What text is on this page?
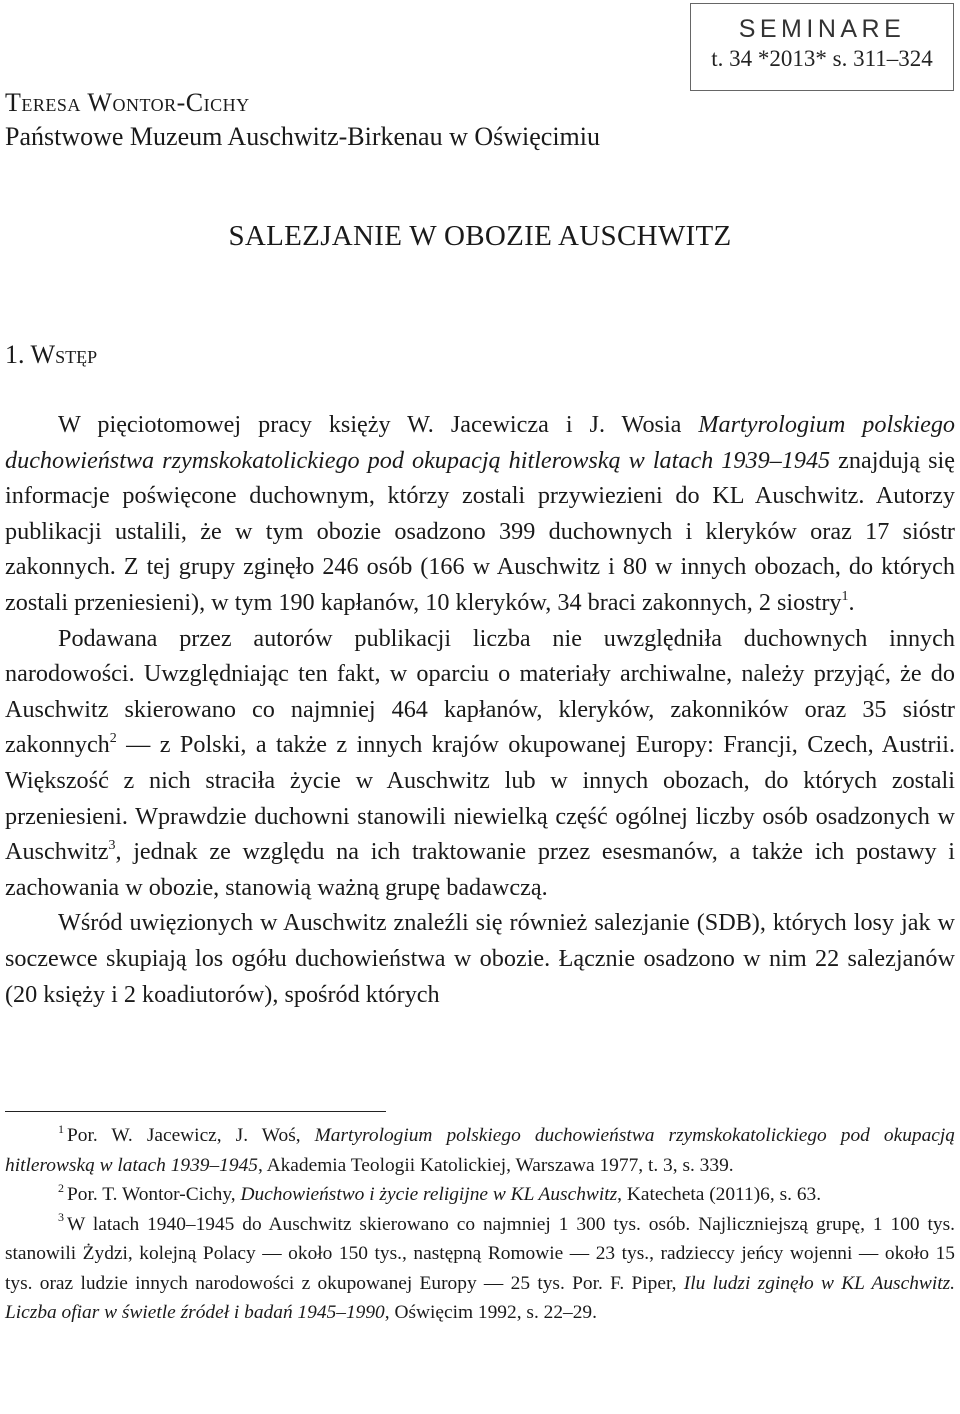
SEMINARE
t. 34 *2013* s. 311–324
Teresa Wontor-Cichy
Państwowe Muzeum Auschwitz-Birkenau w Oświęcimiu
SALEZJANIE W OBOZIE AUSCHWITZ
1. Wstęp

W pięciotomowej pracy księży W. Jacewicza i J. Wosia Martyrologium polskiego duchowieństwa rzymskokatolickiego pod okupacją hitlerowską w latach 1939–1945 znajdują się informacje poświęcone duchownym, którzy zostali przywiezieni do KL Auschwitz. Autorzy publikacji ustalili, że w tym obozie osadzono 399 duchownych i kleryków oraz 17 sióstr zakonnych. Z tej grupy zginęło 246 osób (166 w Auschwitz i 80 w innych obozach, do których zostali przeniesieni), w tym 190 kapłanów, 10 kleryków, 34 braci zakonnych, 2 siostry$^1$.

Podawana przez autorów publikacji liczba nie uwzględniła duchownych innych narodowości. Uwzględniając ten fakt, w oparciu o materiały archiwalne, należy przyjąć, że do Auschwitz skierowano co najmniej 464 kapłanów, kleryków, zakonników oraz 35 sióstr zakonnych$^2$ — z Polski, a także z innych krajów okupowanej Europy: Francji, Czech, Austrii. Większość z nich straciła życie w Auschwitz lub w innych obozach, do których zostali przeniesieni. Wprawdzie duchowni stanowili niewielką część ogólnej liczby osób osadzonych w Auschwitz$^3$, jednak ze względu na ich traktowanie przez esesmanów, a także ich postawy i zachowania w obozie, stanowią ważną grupę badawczą.

Wśród uwięzionych w Auschwitz znaleźli się również salezjanie (SDB), których losy jak w soczewce skupiają los ogółu duchowieństwa w obozie. Łącznie osadzono w nim 22 salezjanów (20 księży i 2 koadiutorów), spośród których

$^1$ Por. W. Jacewicz, J. Woś, Martyrologium polskiego duchowieństwa rzymskokatolickiego pod okupacją hitlerowską w latach 1939–1945, Akademia Teologii Katolickiej, Warszawa 1977, t. 3, s. 339.

$^2$ Por. T. Wontor-Cichy, Duchowieństwo i życie religijne w KL Auschwitz, Katecheta (2011)6, s. 63.

$^3$ W latach 1940–1945 do Auschwitz skierowano co najmniej 1 300 tys. osób. Najliczniejszą grupę, 1 100 tys. stanowili Żydzi, kolejną Polacy — około 150 tys., następną Romowie — 23 tys., radzieccy jeńcy wojenni — około 15 tys. oraz ludzie innych narodowości z okupowanej Europy — 25 tys. Por. F. Piper, Ilu ludzi zginęło w KL Auschwitz. Liczba ofiar w świetle źródeł i badań 1945–1990, Oświęcim 1992, s. 22–29.
